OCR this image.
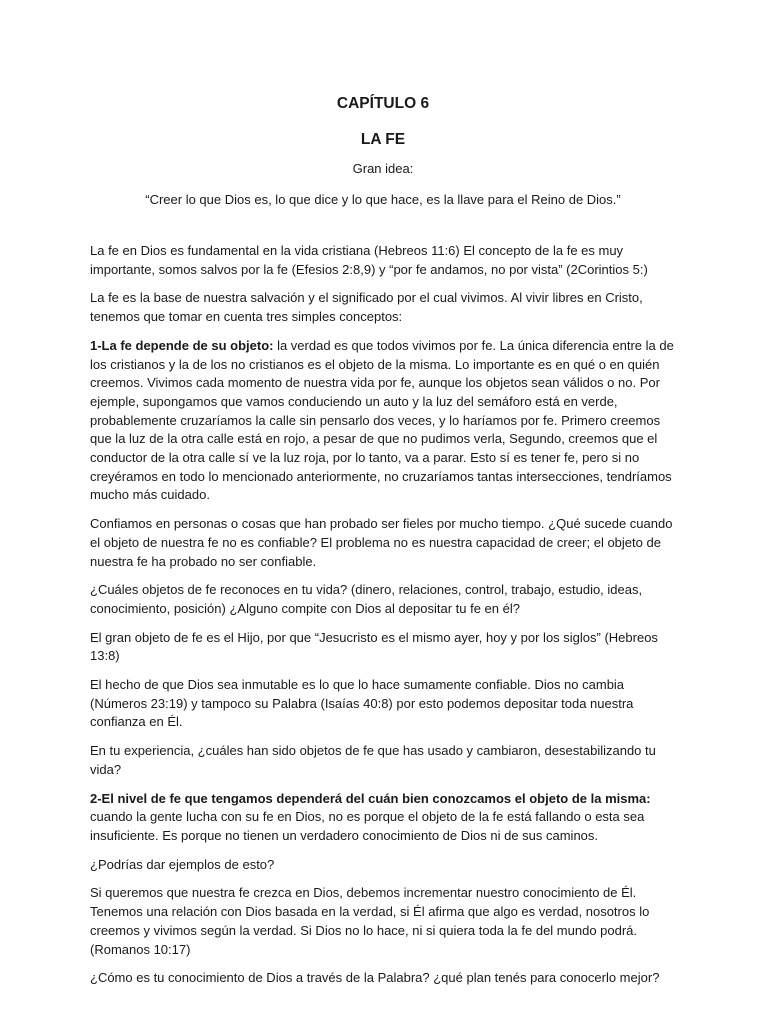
CAPÍTULO 6
LA FE

Gran idea:

“Creer lo que Dios es, lo que dice y lo que hace, es la llave para el Reino de Dios.”

La fe en Dios es fundamental en la vida cristiana (Hebreos 11:6) El concepto de la fe es muy importante, somos salvos por la fe (Efesios 2:8,9) y “por fe andamos, no por vista” (2Corintios 5:)

La fe es la base de nuestra salvación y el significado por el cual vivimos. Al vivir libres en Cristo, tenemos que tomar en cuenta tres simples conceptos:

1-La fe depende de su objeto: la verdad es que todos vivimos por fe. La única diferencia entre la de los cristianos y la de los no cristianos es el objeto de la misma. Lo importante es en qué o en quién creemos. Vivimos cada momento de nuestra vida por fe, aunque los objetos sean válidos o no. Por ejemple, supongamos que vamos conduciendo un auto y la luz del semáforo está en verde, probablemente cruzaríamos la calle sin pensarlo dos veces, y lo haríamos por fe. Primero creemos que la luz de la otra calle está en rojo, a pesar de que no pudimos verla, Segundo, creemos que el conductor de la otra calle sí ve la luz roja, por lo tanto, va a parar. Esto sí es tener fe, pero si no creyéramos en todo lo mencionado anteriormente, no cruzaríamos tantas intersecciones, tendríamos mucho más cuidado.

Confiamos en personas o cosas que han probado ser fieles por mucho tiempo. ¿Qué sucede cuando el objeto de nuestra fe no es confiable? El problema no es nuestra capacidad de creer; el objeto de nuestra fe ha probado no ser confiable.

¿Cuáles objetos de fe reconoces en tu vida? (dinero, relaciones, control, trabajo, estudio, ideas, conocimiento, posición) ¿Alguno compite con Dios al depositar tu fe en él?

El gran objeto de fe es el Hijo, por que “Jesucristo es el mismo ayer, hoy y por los siglos” (Hebreos 13:8)

El hecho de que Dios sea inmutable es lo que lo hace sumamente confiable. Dios no cambia (Números 23:19) y tampoco su Palabra (Isaías 40:8) por esto podemos depositar toda nuestra confianza en Él.

En tu experiencia, ¿cuáles han sido objetos de fe que has usado y cambiaron, desestabilizando tu vida?

2-El nivel de fe que tengamos dependerá del cuán bien conozcamos el objeto de la misma: cuando la gente lucha con su fe en Dios, no es porque el objeto de la fe está fallando o esta sea insuficiente. Es porque no tienen un verdadero conocimiento de Dios ni de sus caminos.

¿Podrías dar ejemplos de esto?

Si queremos que nuestra fe crezca en Dios, debemos incrementar nuestro conocimiento de Él. Tenemos una relación con Dios basada en la verdad, si Él afirma que algo es verdad, nosotros lo creemos y vivimos según la verdad. Si Dios no lo hace, ni si quiera toda la fe del mundo podrá. (Romanos 10:17)

¿Cómo es tu conocimiento de Dios a través de la Palabra? ¿qué plan tenés para conocerlo mejor?
